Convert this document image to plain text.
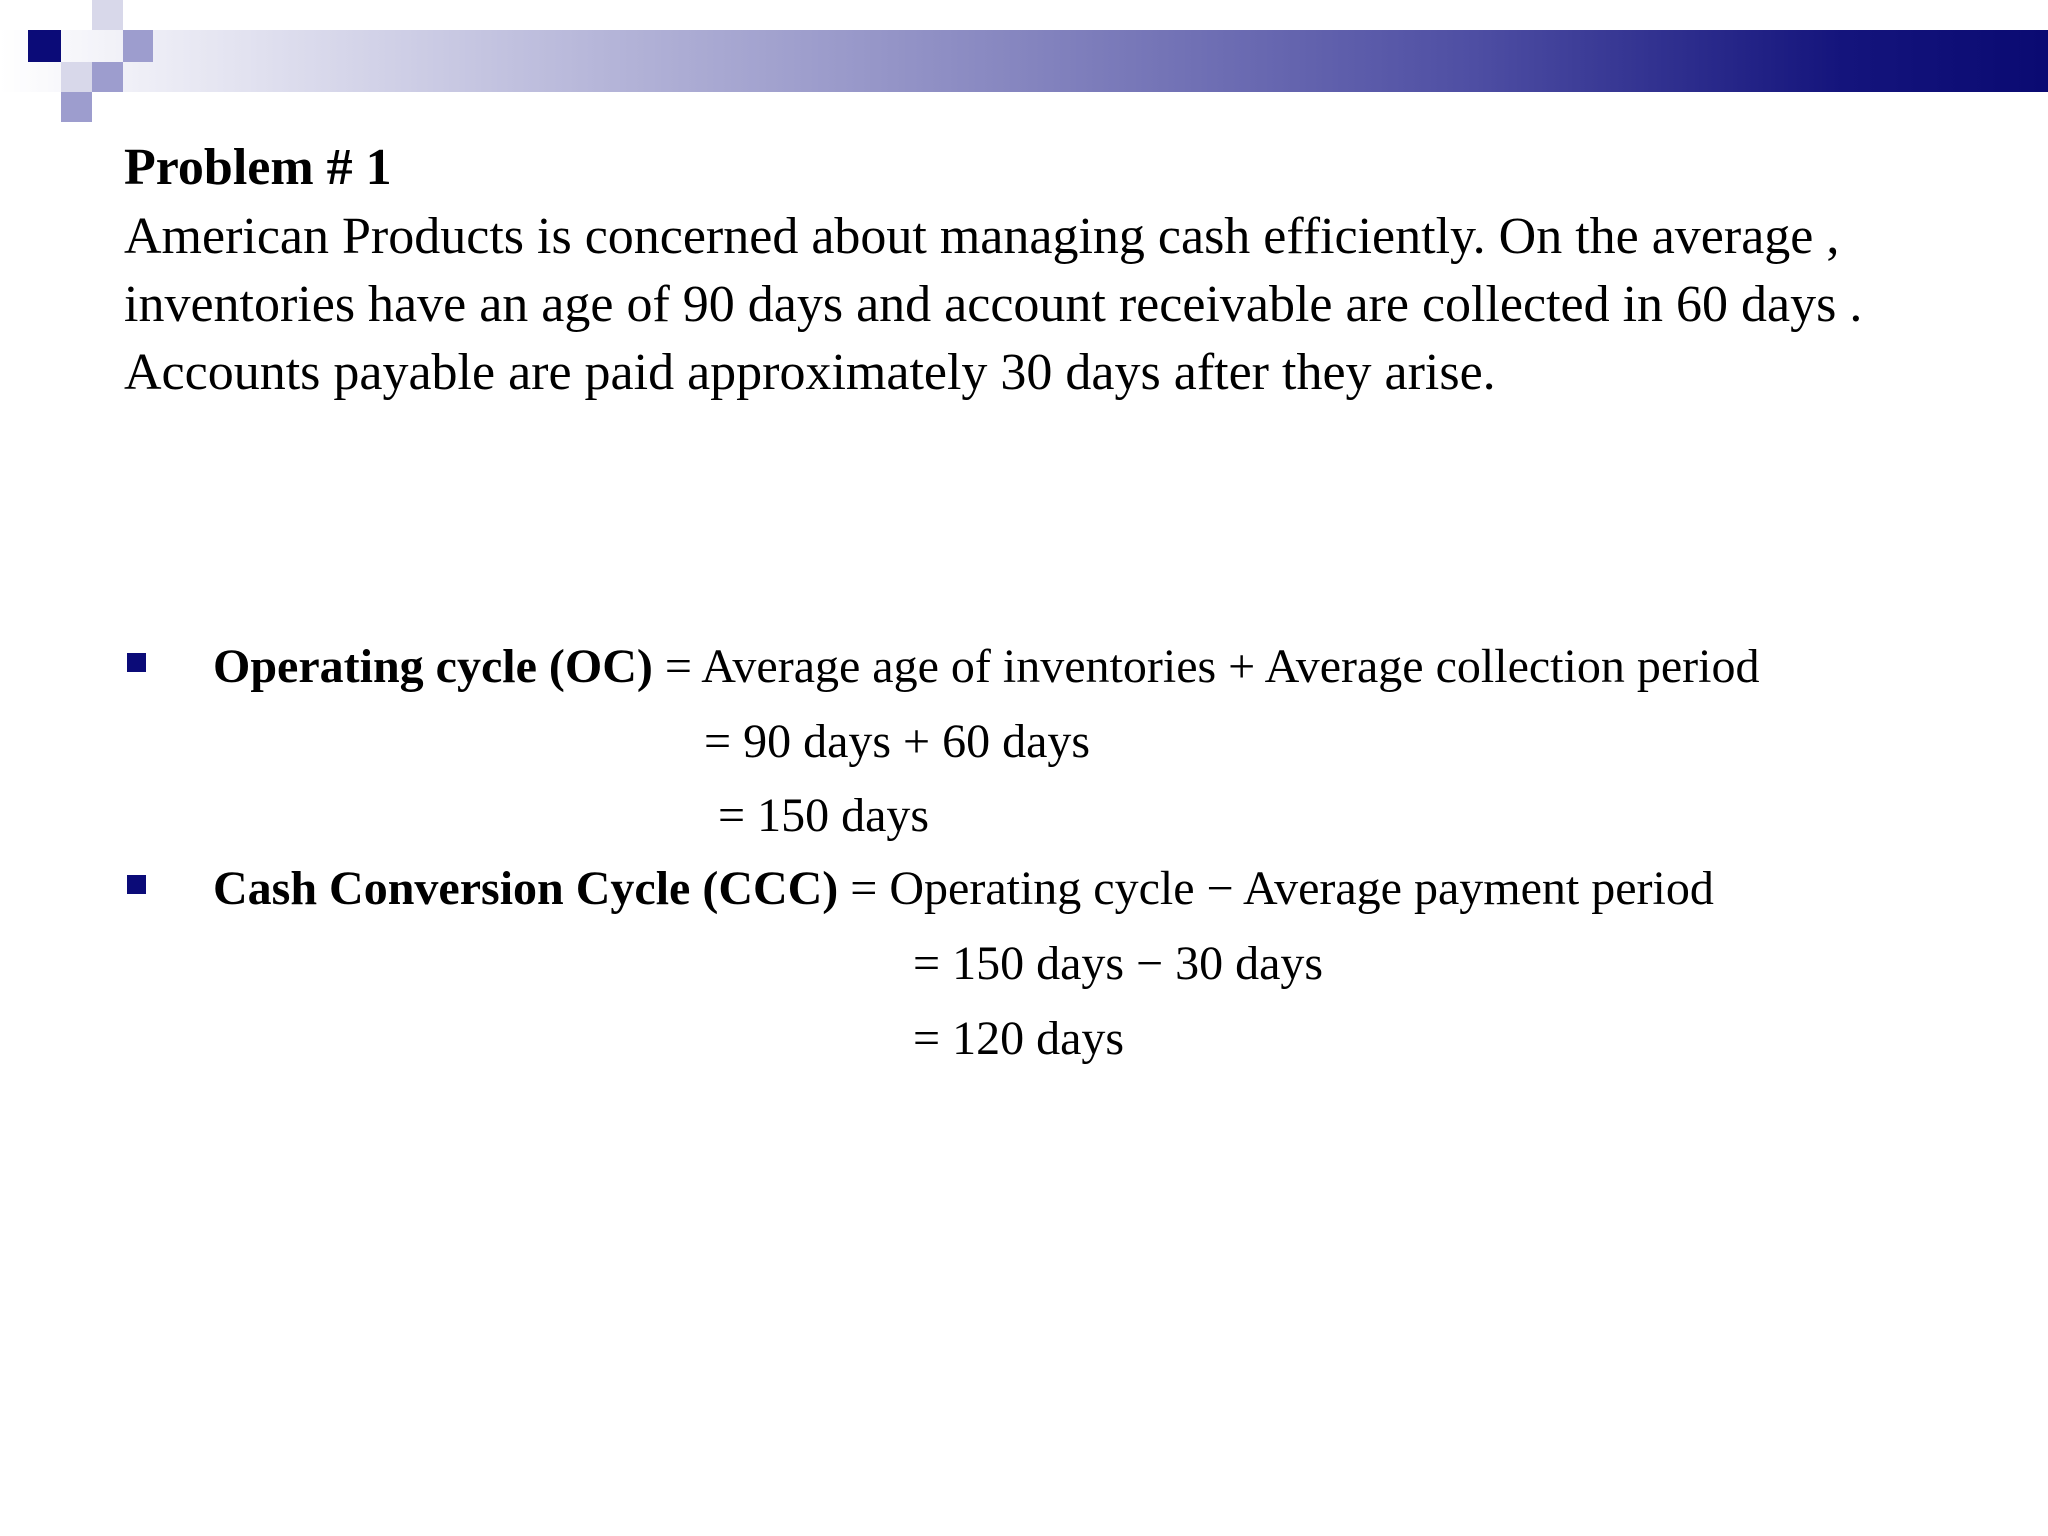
Problem # 1

American Products is concerned about managing cash efficiently. On the average , inventories have an age of 90 days and account receivable are collected in 60 days . Accounts payable are paid approximately 30 days after they arise.

Operating cycle (OC) = Average age of inventories + Average collection period
= 90 days + 60 days
= 150 days
Cash Conversion Cycle (CCC) = Operating cycle − Average payment period
= 150 days − 30 days
= 120 days
